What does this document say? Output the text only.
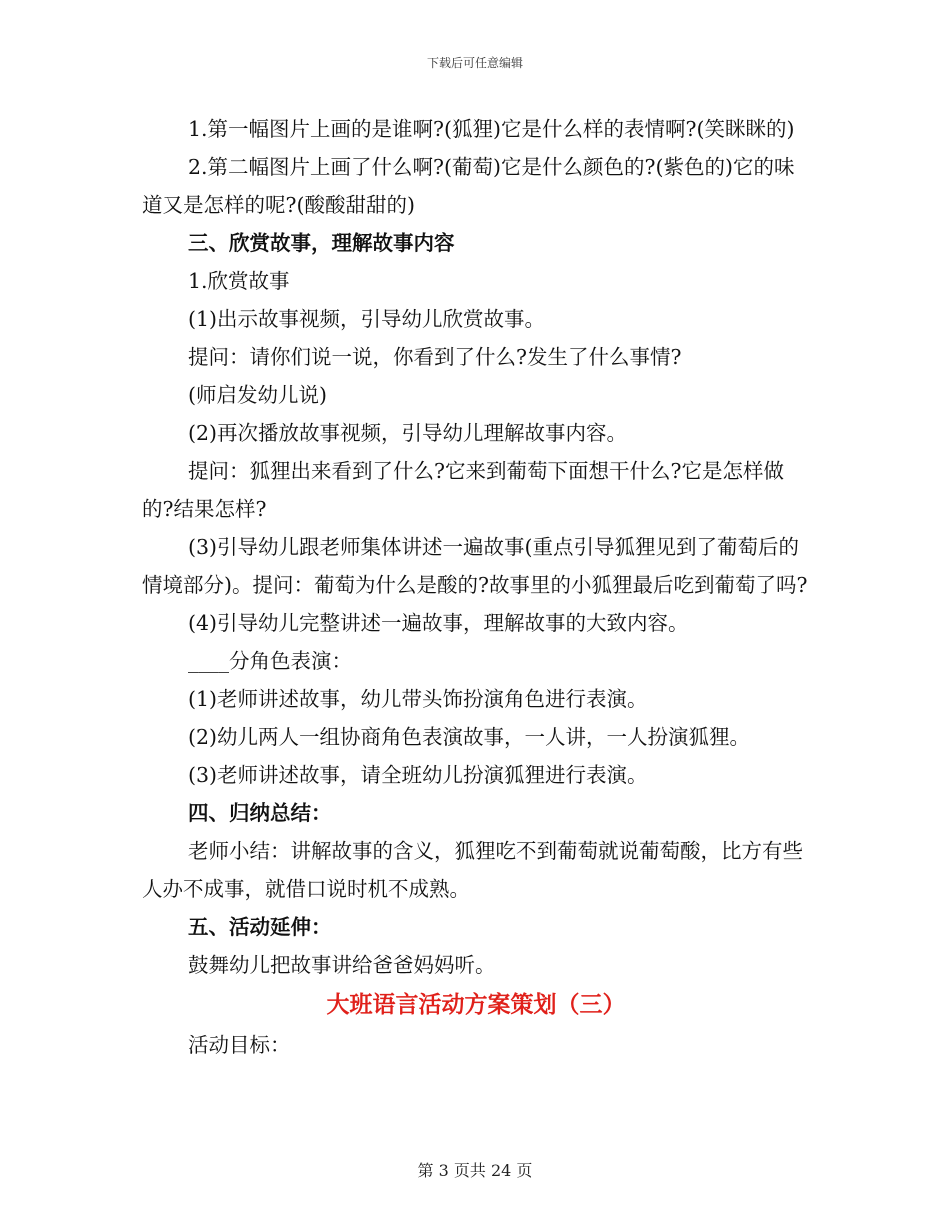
下载后可任意编辑

1.第一幅图片上画的是谁啊?(狐狸)它是什么样的表情啊?(笑眯眯的)

2.第二幅图片上画了什么啊?(葡萄)它是什么颜色的?(紫色的)它的味道又是怎样的呢?(酸酸甜甜的)

三、欣赏故事，理解故事内容

1.欣赏故事

(1)出示故事视频，引导幼儿欣赏故事。

提问：请你们说一说，你看到了什么?发生了什么事情?

(师启发幼儿说)

(2)再次播放故事视频，引导幼儿理解故事内容。

提问：狐狸出来看到了什么?它来到葡萄下面想干什么?它是怎样做的?结果怎样?

(3)引导幼儿跟老师集体讲述一遍故事(重点引导狐狸见到了葡萄后的情境部分)。提问：葡萄为什么是酸的?故事里的小狐狸最后吃到葡萄了吗?

(4)引导幼儿完整讲述一遍故事，理解故事的大致内容。

____分角色表演：

(1)老师讲述故事，幼儿带头饰扮演角色进行表演。

(2)幼儿两人一组协商角色表演故事，一人讲，一人扮演狐狸。

(3)老师讲述故事，请全班幼儿扮演狐狸进行表演。

四、归纳总结：

老师小结：讲解故事的含义，狐狸吃不到葡萄就说葡萄酸，比方有些人办不成事，就借口说时机不成熟。

五、活动延伸：

鼓舞幼儿把故事讲给爸爸妈妈听。

大班语言活动方案策划（三）

活动目标：

第 3 页共 24 页
